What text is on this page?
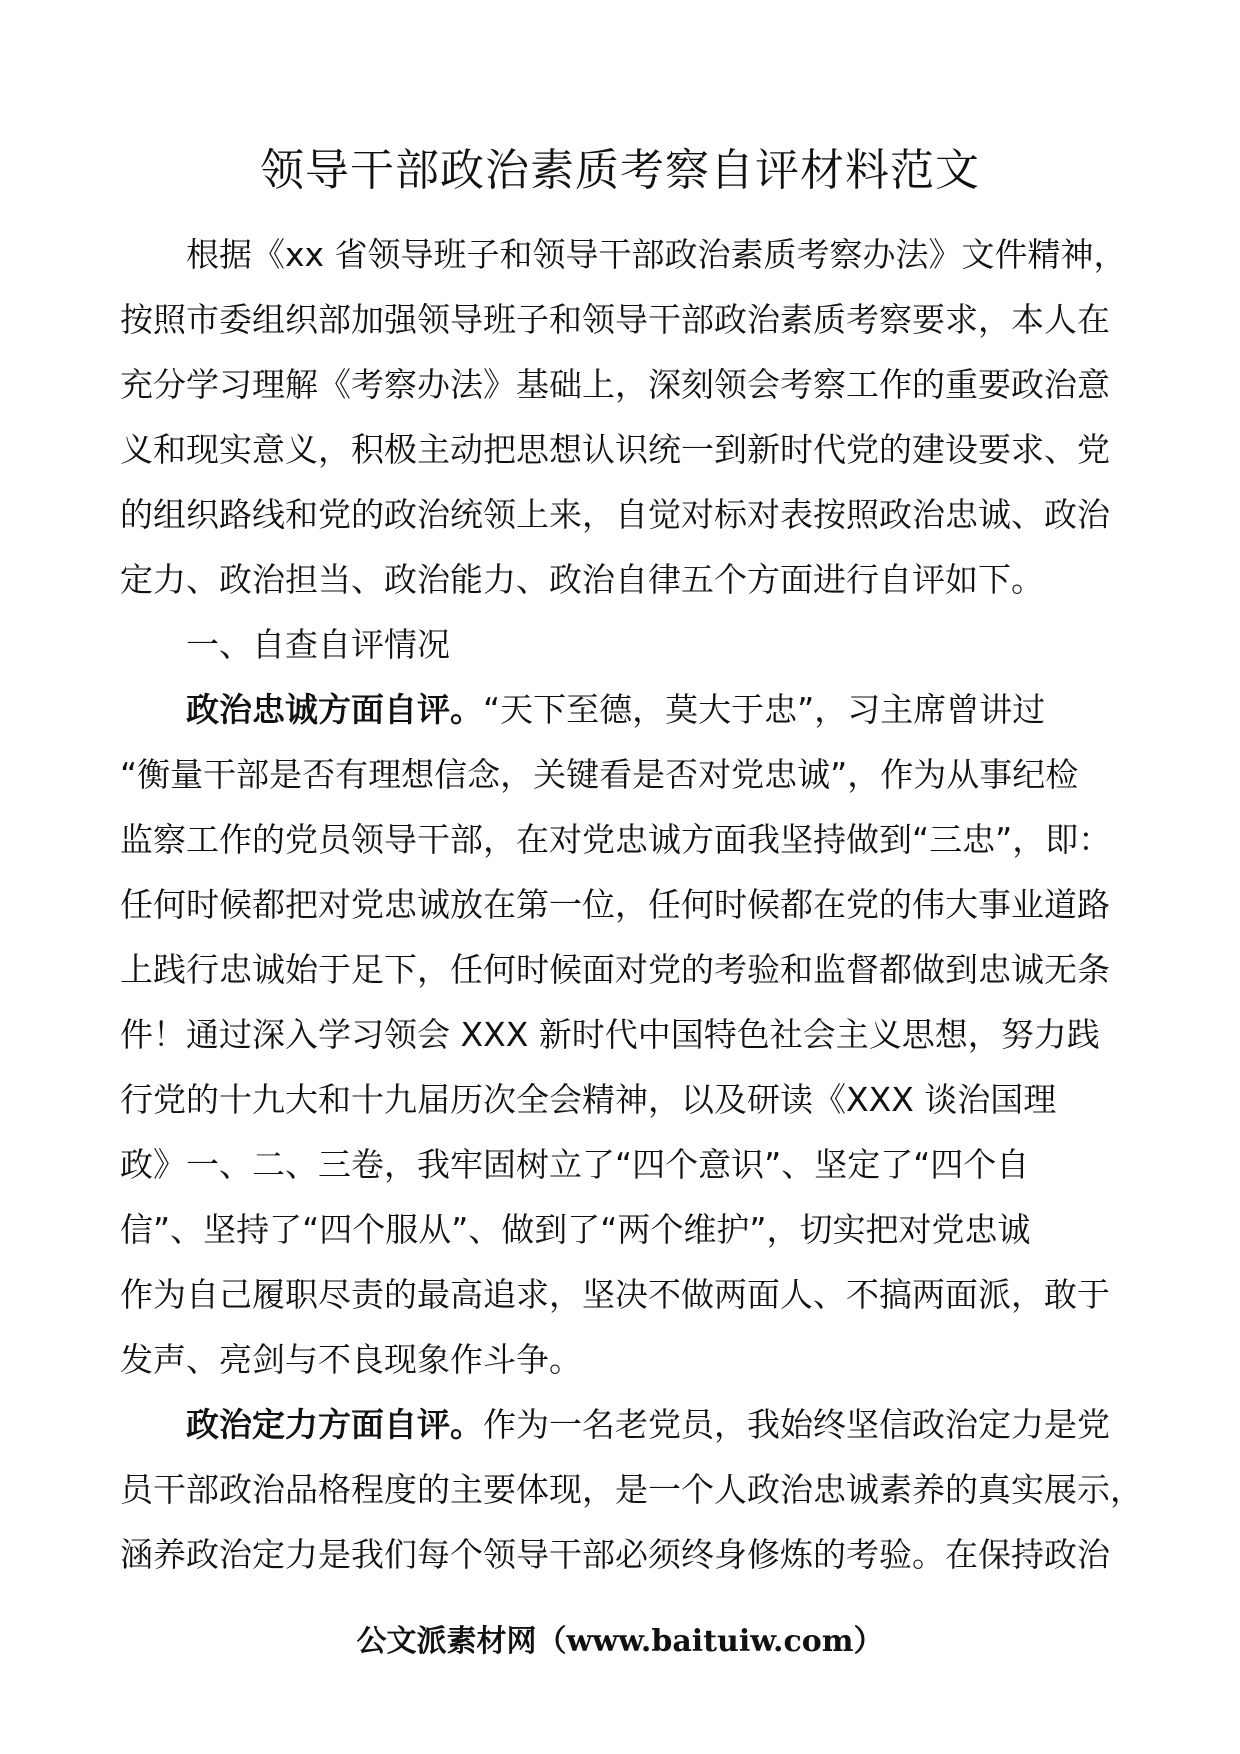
领导干部政治素质考察自评材料范文
根据《xx 省领导班子和领导干部政治素质考察办法》文件精神，
按照市委组织部加强领导班子和领导干部政治素质考察要求，本人在
充分学习理解《考察办法》基础上，深刻领会考察工作的重要政治意
义和现实意义，积极主动把思想认识统一到新时代党的建设要求、党
的组织路线和党的政治统领上来，自觉对标对表按照政治忠诚、政治
定力、政治担当、政治能力、政治自律五个方面进行自评如下。
一、自查自评情况
政治忠诚方面自评。“天下至德，莫大于忠”，习主席曾讲过
“衡量干部是否有理想信念，关键看是否对党忠诚”，作为从事纪检
监察工作的党员领导干部，在对党忠诚方面我坚持做到“三忠”，即：
任何时候都把对党忠诚放在第一位，任何时候都在党的伟大事业道路
上践行忠诚始于足下，任何时候面对党的考验和监督都做到忠诚无条
件！通过深入学习领会 XXX 新时代中国特色社会主义思想，努力践
行党的十九大和十九届历次全会精神，以及研读《XXX 谈治国理
政》一、二、三卷，我牢固树立了“四个意识”、坚定了“四个自
信”、坚持了“四个服从”、做到了“两个维护”，切实把对党忠诚
作为自己履职尽责的最高追求，坚决不做两面人、不搞两面派，敢于
发声、亮剑与不良现象作斗争。
政治定力方面自评。作为一名老党员，我始终坚信政治定力是党
员干部政治品格程度的主要体现，是一个人政治忠诚素养的真实展示，
涵养政治定力是我们每个领导干部必须终身修炼的考验。在保持政治
公文派素材网（www.baituiw.com）
